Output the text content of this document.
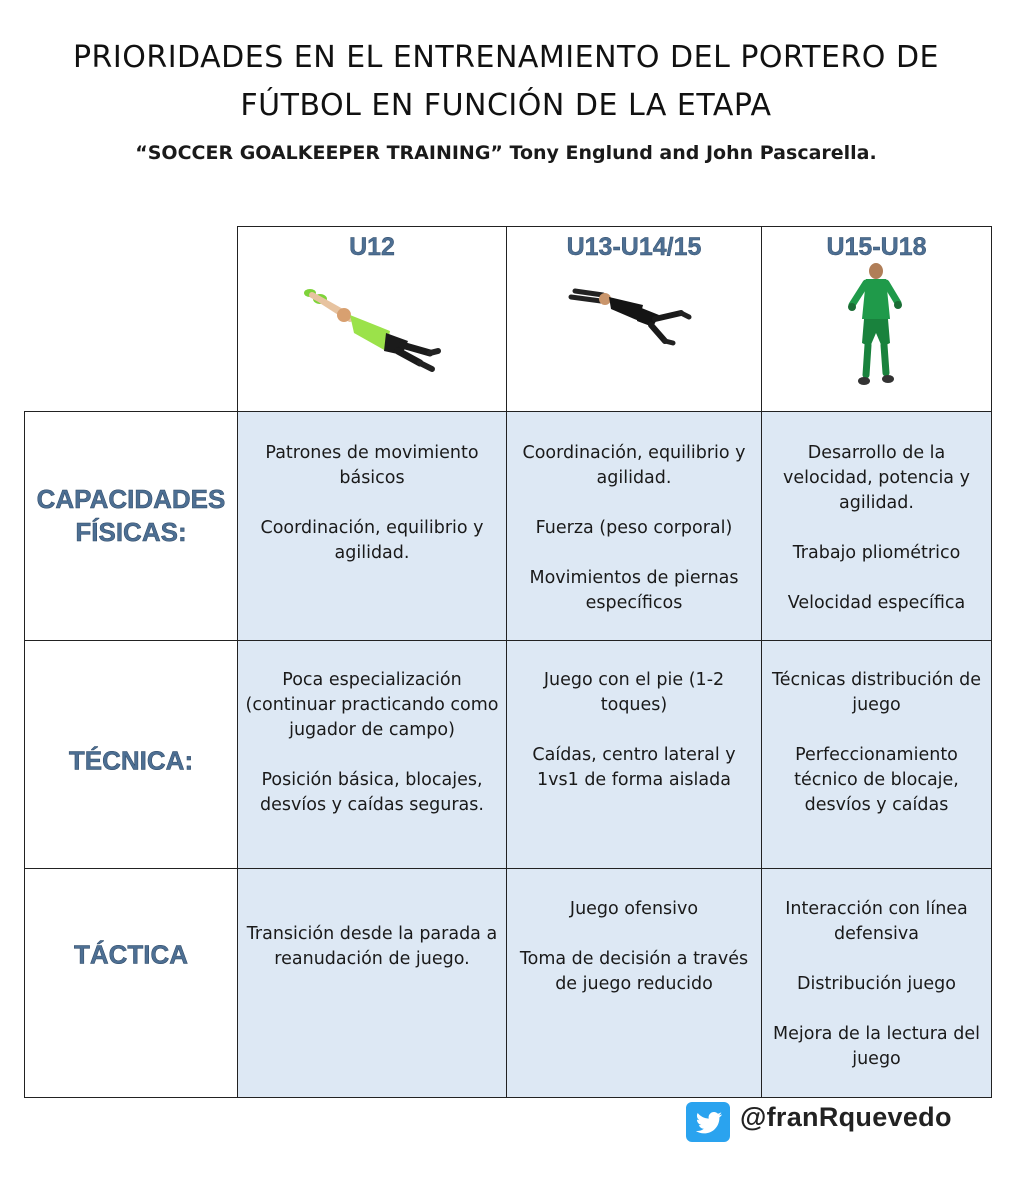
PRIORIDADES EN EL ENTRENAMIENTO DEL PORTERO DE
FÚTBOL EN FUNCIÓN DE LA ETAPA
“SOCCER GOALKEEPER TRAINING” Tony Englund and John Pascarella.
U12	U13-U14/15	U15-U18
CAPACIDADES
FÍSICAS:

Patrones de movimiento básicos

Coordinación, equilibrio y agilidad.

Coordinación, equilibrio y agilidad.

Fuerza (peso corporal)

Movimientos de piernas específicos

Desarrollo de la velocidad, potencia y agilidad.

Trabajo pliométrico

Velocidad específica

TÉCNICA:

Poca especialización (continuar practicando como jugador de campo)

Posición básica, blocajes, desvíos y caídas seguras.

Juego con el pie (1-2 toques)

Caídas, centro lateral y 1vs1 de forma aislada

Técnicas distribución de juego

Perfeccionamiento técnico de blocaje, desvíos y caídas

TÁCTICA

Transición desde la parada a reanudación de juego.

Juego ofensivo

Toma de decisión a través de juego reducido

Interacción con línea defensiva

Distribución juego

Mejora de la lectura del juego

@franRquevedo
